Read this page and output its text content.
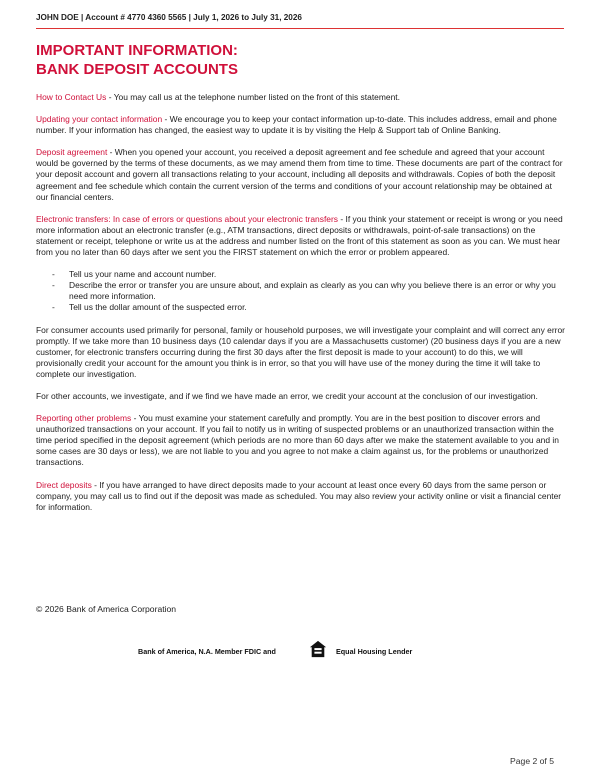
JOHN DOE | Account # 4770 4360 5565 | July 1, 2026 to July 31, 2026
IMPORTANT INFORMATION:
BANK DEPOSIT ACCOUNTS

How to Contact Us - You may call us at the telephone number listed on the front of this statement.

Updating your contact information - We encourage you to keep your contact information up-to-date. This includes address, email and phone number. If your information has changed, the easiest way to update it is by visiting the Help & Support tab of Online Banking.

Deposit agreement - When you opened your account, you received a deposit agreement and fee schedule and agreed that your account would be governed by the terms of these documents, as we may amend them from time to time. These documents are part of the contract for your deposit account and govern all transactions relating to your account, including all deposits and withdrawals. Copies of both the deposit agreement and fee schedule which contain the current version of the terms and conditions of your account relationship may be obtained at our financial centers.

Electronic transfers: In case of errors or questions about your electronic transfers - If you think your statement or receipt is wrong or you need more information about an electronic transfer (e.g., ATM transactions, direct deposits or withdrawals, point-of-sale transactions) on the statement or receipt, telephone or write us at the address and number listed on the front of this statement as soon as you can. We must hear from you no later than 60 days after we sent you the FIRST statement on which the error or problem appeared.

- Tell us your name and account number.
- Describe the error or transfer you are unsure about, and explain as clearly as you can why you believe there is an error or why you need more information.
- Tell us the dollar amount of the suspected error.

For consumer accounts used primarily for personal, family or household purposes, we will investigate your complaint and will correct any error promptly. If we take more than 10 business days (10 calendar days if you are a Massachusetts customer) (20 business days if you are a new customer, for electronic transfers occurring during the first 30 days after the first deposit is made to your account) to do this, we will provisionally credit your account for the amount you think is in error, so that you will have use of the money during the time it will take to complete our investigation.

For other accounts, we investigate, and if we find we have made an error, we credit your account at the conclusion of our investigation.

Reporting other problems - You must examine your statement carefully and promptly. You are in the best position to discover errors and unauthorized transactions on your account. If you fail to notify us in writing of suspected problems or an unauthorized transaction within the time period specified in the deposit agreement (which periods are no more than 60 days after we make the statement available to you and in some cases are 30 days or less), we are not liable to you and you agree to not make a claim against us, for the problems or unauthorized transactions.

Direct deposits - If you have arranged to have direct deposits made to your account at least once every 60 days from the same person or company, you may call us to find out if the deposit was made as scheduled. You may also review your activity online or visit a financial center for information.

© 2026 Bank of America Corporation
Bank of America, N.A. Member FDIC and	Equal Housing Lender
Page 2 of 5
